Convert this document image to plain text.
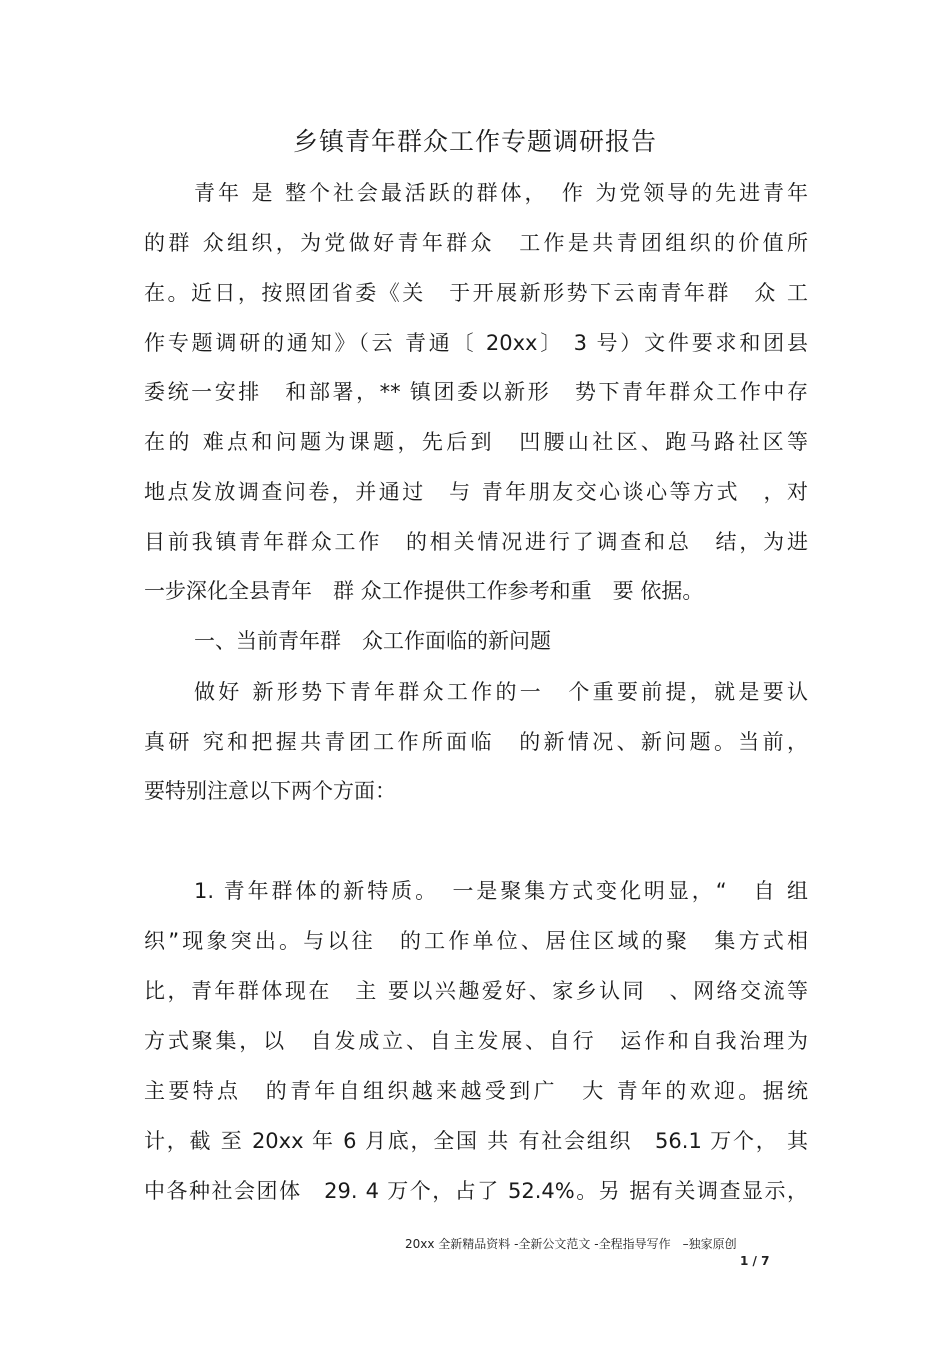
乡镇青年群众工作专题调研报告
青年 是 整个社会最活跃的群体，　作 为党领导的先进青年
的群 众组织，为党做好青年群众　工作是共青团组织的价值所
在。近日，按照团省委《关　于开展新形势下云南青年群　众 工
作专题调研的通知》（云 青通〔 20xx〕 3 号）文件要求和团县
委统一安排　和部署，** 镇团委以新形　势下青年群众工作中存
在的 难点和问题为课题，先后到　凹腰山社区、跑马路社区等
地点发放调查问卷，并通过　与 青年朋友交心谈心等方式　，对
目前我镇青年群众工作　的相关情况进行了调查和总　结，为进
一步深化全县青年　群 众工作提供工作参考和重　要 依据。
一、当前青年群　众工作面临的新问题
做好 新形势下青年群众工作的一　个重要前提，就是要认
真研 究和把握共青团工作所面临　的新情况、新问题。当前，
要特别注意以下两个方面：
1. 青年群体的新特质。　一是聚集方式变化明显，“　自 组
织”现象突出。与以往　的工作单位、居住区域的聚　集方式相
比，青年群体现在　主 要以兴趣爱好、家乡认同　、网络交流等
方式聚集，以　自发成立、自主发展、自行　运作和自我治理为
主要特点　的青年自组织越来越受到广　大 青年的欢迎。据统
计，截 至 20xx 年 6 月底，全国 共 有社会组织　56.1 万个， 其
中各种社会团体　29. 4 万个，占了 52.4%。另 据有关调查显示，
20xx 全新精品资料 -全新公文范文 -全程指导写作　–独家原创
1 / 7
